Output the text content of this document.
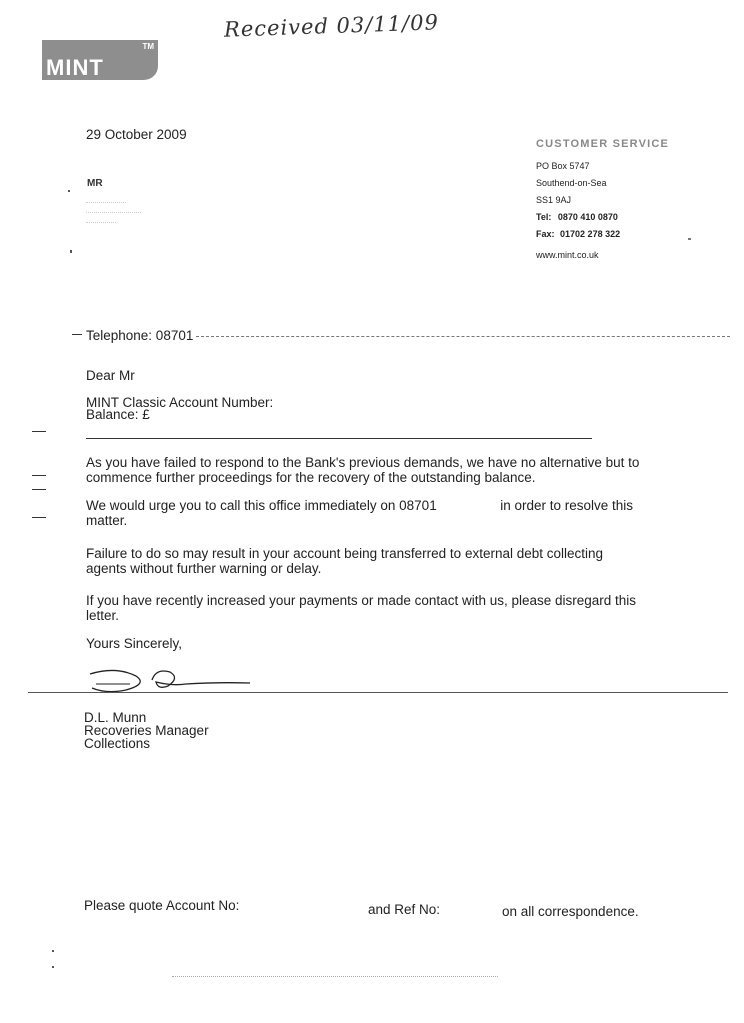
Received 03/11/09
MINT
TM
29 October 2009
MR
CUSTOMER SERVICE
PO Box 5747
Southend-on-Sea
SS1 9AJ
Tel: 0870 410 0870
Fax: 01702 278 322
www.mint.co.uk
Telephone: 08701
Dear Mr
MINT Classic Account Number:
Balance: £
As you have failed to respond to the Bank's previous demands, we have no alternative but to commence further proceedings for the recovery of the outstanding balance.
We would urge you to call this office immediately on 08701	in order to resolve this matter.
Failure to do so may result in your account being transferred to external debt collecting agents without further warning or delay.
If you have recently increased your payments or made contact with us, please disregard this letter.
Yours Sincerely,
D.L. Munn
Recoveries Manager
Collections
Please quote Account No:	and Ref No:	on all correspondence.
